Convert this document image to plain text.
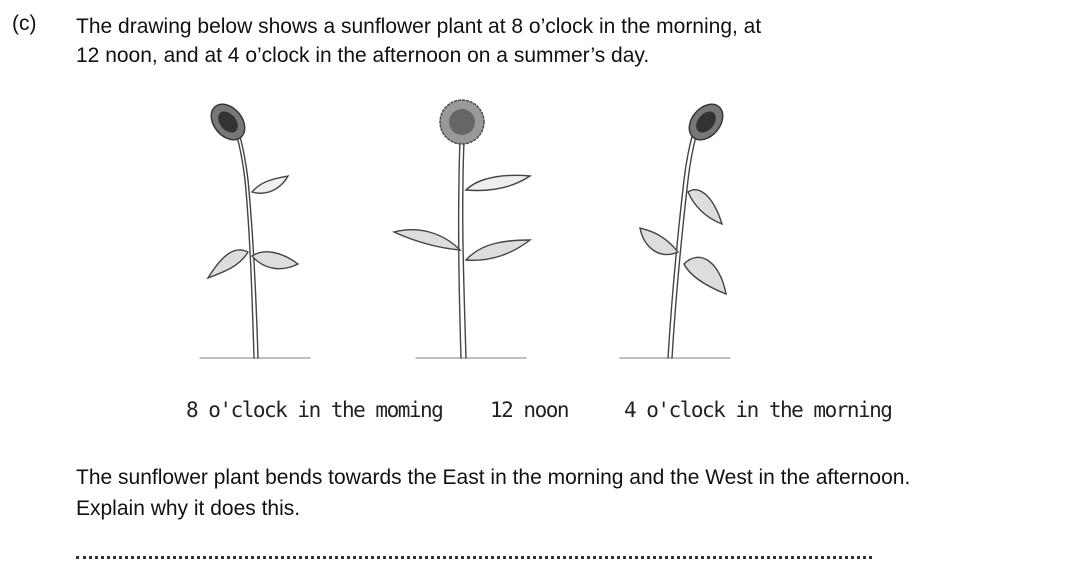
(c) The drawing below shows a sunflower plant at 8 o’clock in the morning, at
12 noon, and at 4 o’clock in the afternoon on a summer’s day.
8 o'clock in the moming 12 noon	4 o'clock in the morning
The sunflower plant bends towards the East in the morning and the West in the afternoon.
Explain why it does this.
